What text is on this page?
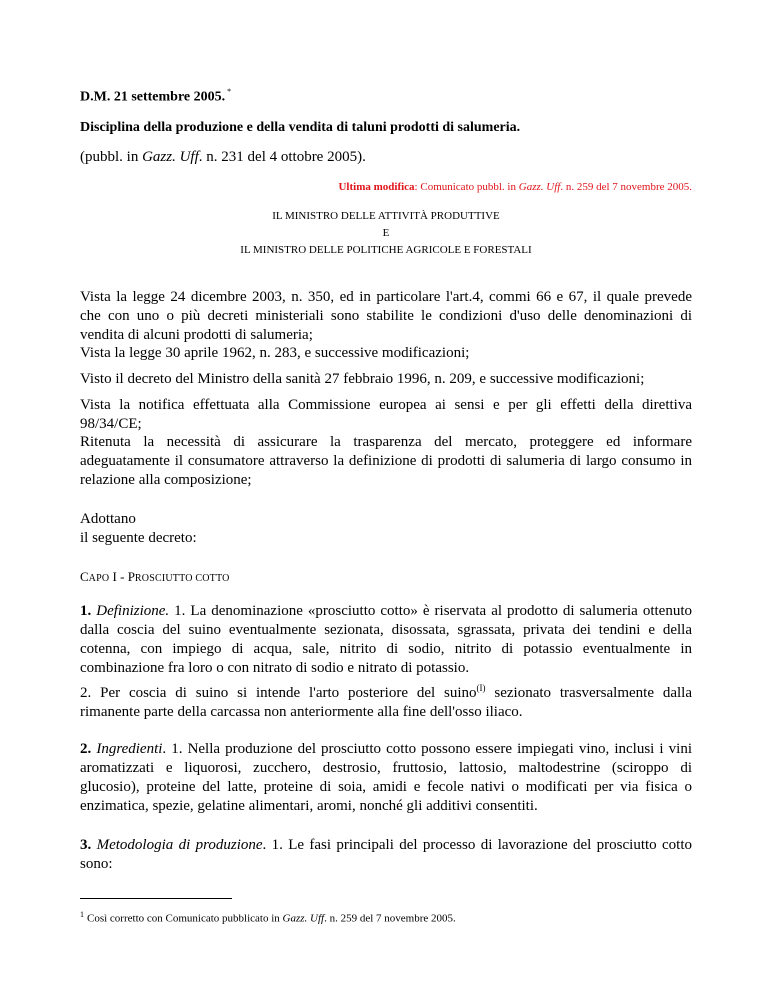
D.M. 21 settembre 2005. *
Disciplina della produzione e della vendita di taluni prodotti di salumeria.
(pubbl. in Gazz. Uff. n. 231 del 4 ottobre 2005).
Ultima modifica: Comunicato pubbl. in Gazz. Uff. n. 259 del 7 novembre 2005.
IL MINISTRO DELLE ATTIVITÀ PRODUTTIVE
E
IL MINISTRO DELLE POLITICHE AGRICOLE E FORESTALI
Vista la legge 24 dicembre 2003, n. 350, ed in particolare l'art.4, commi 66 e 67, il quale prevede
che con uno o più decreti ministeriali sono stabilite le condizioni d'uso delle denominazioni di
vendita di alcuni prodotti di salumeria;
Vista la legge 30 aprile 1962, n. 283, e successive modificazioni;
Visto il decreto del Ministro della sanità 27 febbraio 1996, n. 209, e successive modificazioni;
Vista la notifica effettuata alla Commissione europea ai sensi e per gli effetti della direttiva
98/34/CE;
Ritenuta la necessità di assicurare la trasparenza del mercato, proteggere ed informare
adeguatamente il consumatore attraverso la definizione di prodotti di salumeria di largo consumo in
relazione alla composizione;
Adottano
il seguente decreto:
CAPO I - PROSCIUTTO COTTO
1. Definizione. 1. La denominazione «prosciutto cotto» è riservata al prodotto di salumeria ottenuto
dalla coscia del suino eventualmente sezionata, disossata, sgrassata, privata dei tendini e della
cotenna, con impiego di acqua, sale, nitrito di sodio, nitrito di potassio eventualmente in
combinazione fra loro o con nitrato di sodio e nitrato di potassio.
2. Per coscia di suino si intende l'arto posteriore del suino$^{(I)}$ sezionato trasversalmente dalla
rimanente parte della carcassa non anteriormente alla fine dell'osso iliaco.
2. Ingredienti. 1. Nella produzione del prosciutto cotto possono essere impiegati vino, inclusi i vini
aromatizzati e liquorosi, zucchero, destrosio, fruttosio, lattosio, maltodestrine (sciroppo di
glucosio), proteine del latte, proteine di soia, amidi e fecole nativi o modificati per via fisica o
enzimatica, spezie, gelatine alimentari, aromi, nonché gli additivi consentiti.
3. Metodologia di produzione. 1. Le fasi principali del processo di lavorazione del prosciutto cotto
sono:
$^1$ Così corretto con Comunicato pubblicato in Gazz. Uff. n. 259 del 7 novembre 2005.
